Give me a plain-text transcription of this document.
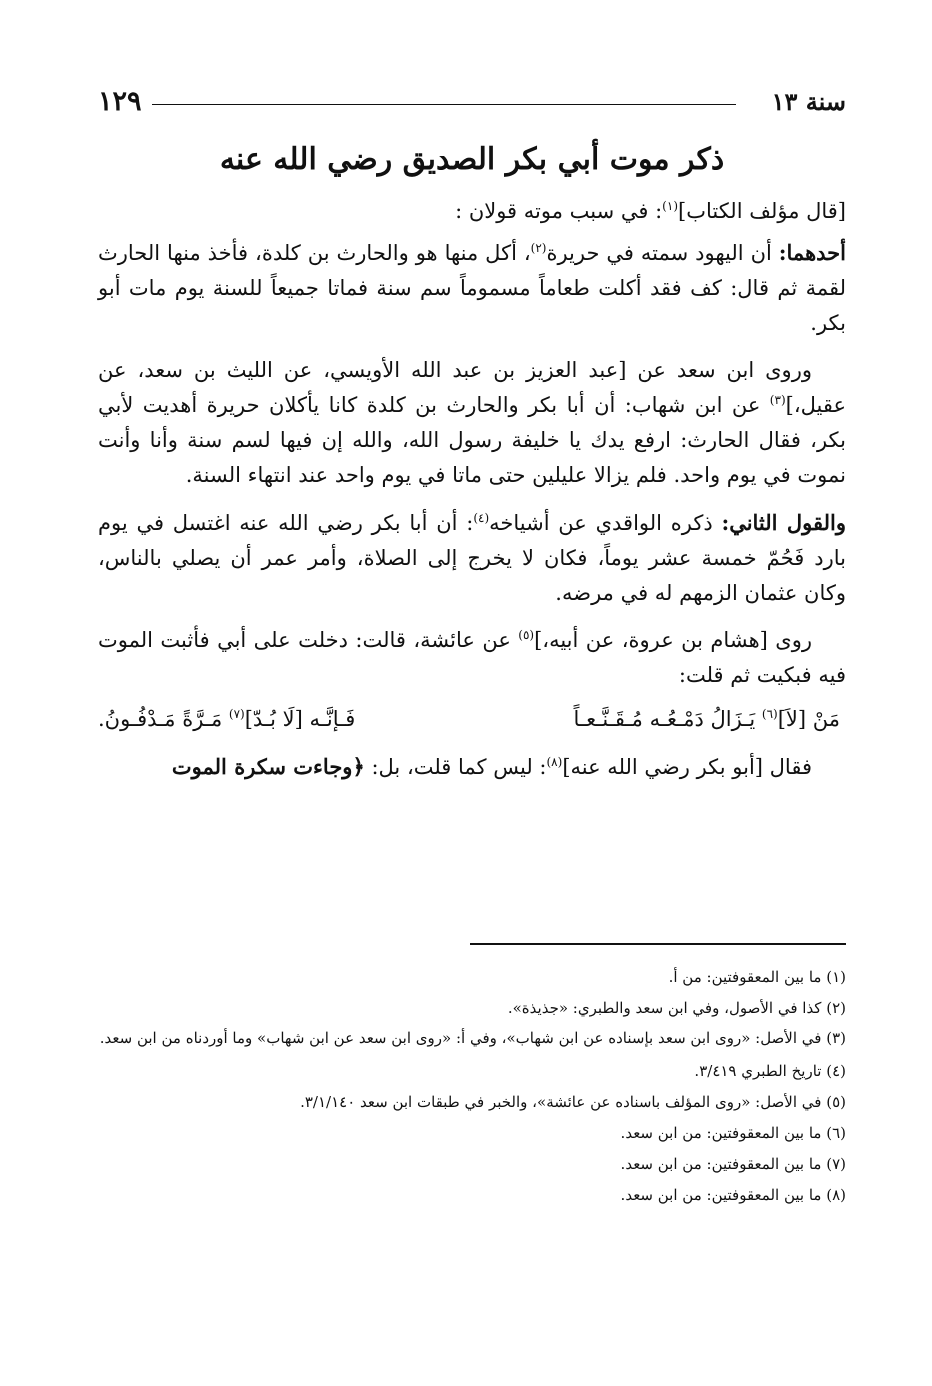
١٢٩	سنة ١٣
ذكر موت أبي بكر الصديق رضي الله عنه

[قال مؤلف الكتاب]$^{(١)}$: في سبب موته قولان :

أحدهما: أن اليهود سمته في حريرة$^{(٢)}$، أكل منها هو والحارث بن كلدة، فأخذ منها الحارث لقمة ثم قال: كف فقد أكلت طعاماً مسموماً سم سنة فماتا جميعاً للسنة يوم مات أبو بكر.

وروى ابن سعد عن [عبد العزيز بن عبد الله الأويسي، عن الليث بن سعد، عن عقيل،]$^{(٣)}$ عن ابن شهاب: أن أبا بكر والحارث بن كلدة كانا يأكلان حريرة أهديت لأبي بكر، فقال الحارث: ارفع يدك يا خليفة رسول الله، والله إن فيها لسم سنة وأنا وأنت نموت في يوم واحد. فلم يزالا عليلين حتى ماتا في يوم واحد عند انتهاء السنة.

والقول الثاني: ذكره الواقدي عن أشياخه$^{(٤)}$: أن أبا بكر رضي الله عنه اغتسل في يوم بارد فَحُمّ خمسة عشر يوماً، فكان لا يخرج إلى الصلاة، وأمر عمر أن يصلي بالناس، وكان عثمان الزمهم له في مرضه.

روى [هشام بن عروة، عن أبيه،]$^{(٥)}$ عن عائشة، قالت: دخلت على أبي فأثبت الموت فيه فبكيت ثم قلت:

مَنْ [لاَ]$^{(٦)}$ يَـزَالُ دَمْـعُـه مُـقَـنَّـعـاً
فَـإنَّـه [لَا بُـدّ]$^{(٧)}$ مَـرَّةً مَـدْفُـونُ.

فقال [أبو بكر رضي الله عنه]$^{(٨)}$: ليس كما قلت، بل: ﴿وجاءت سكرة الموت

(١) ما بين المعقوفتين: من أ.
(٢) كذا في الأصول، وفي ابن سعد والطبري: «جذيذة».
(٣) في الأصل: «روى ابن سعد بإسناده عن ابن شهاب»، وفي أ: «روى ابن سعد عن ابن شهاب» وما أوردناه من ابن سعد.
(٤) تاريخ الطبري ٣/٤١٩.
(٥) في الأصل: «روى المؤلف باسناده عن عائشة»، والخبر في طبقات ابن سعد ٣/١/١٤٠.
(٦) ما بين المعقوفتين: من ابن سعد.
(٧) ما بين المعقوفتين: من ابن سعد.
(٨) ما بين المعقوفتين: من ابن سعد.
